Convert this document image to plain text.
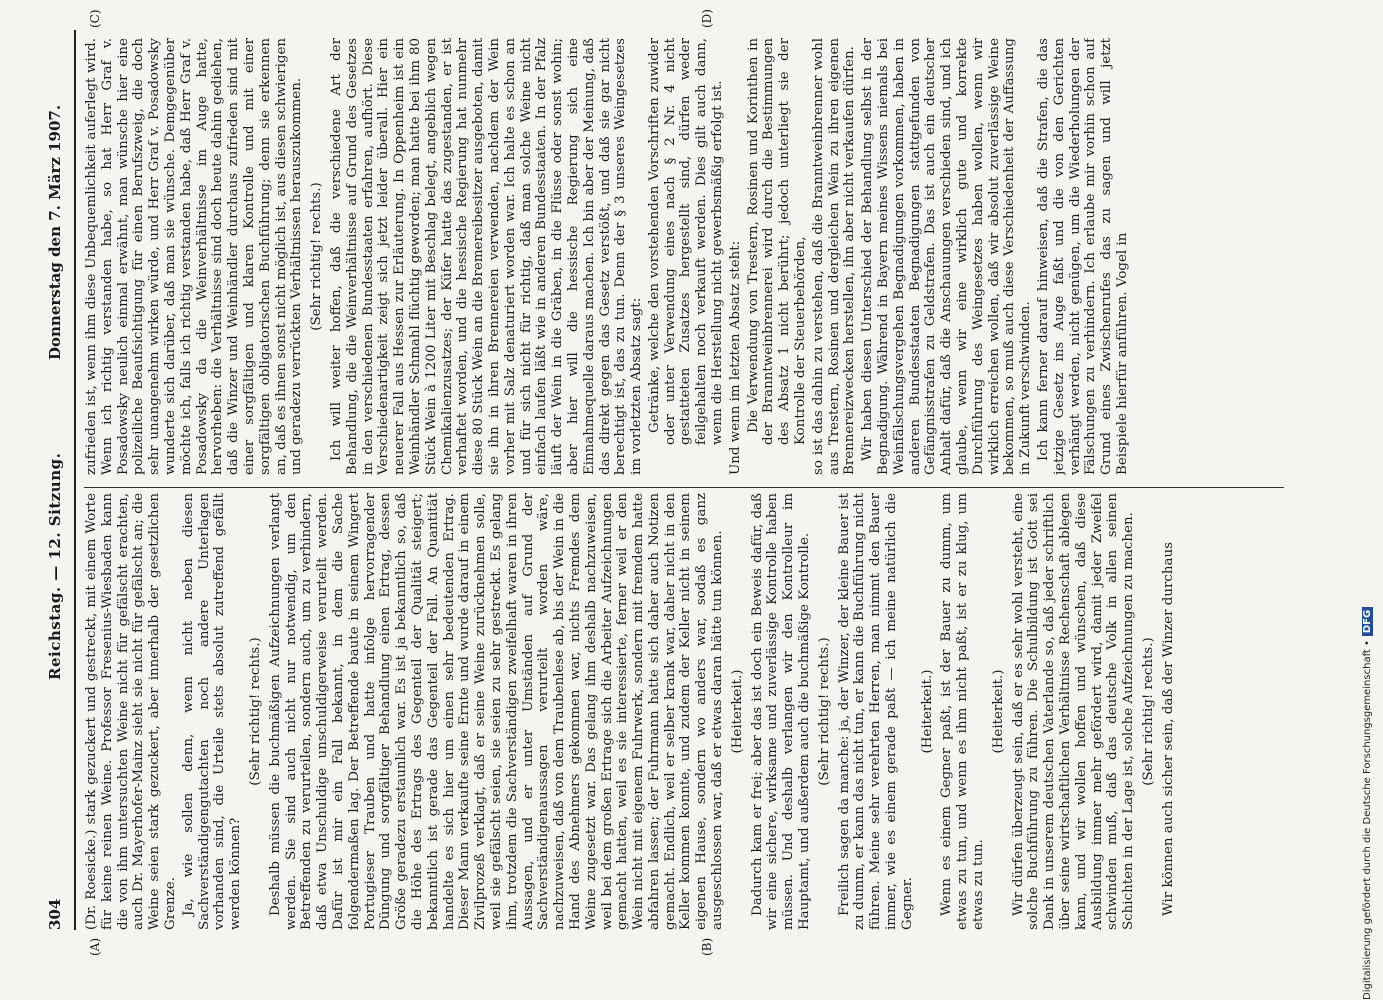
304
Reichstag. — 12. Sitzung.
Donnerstag den 7. März 1907.
(A)	(B)
(C)	(D)

(Dr. Roesicke.) stark gezuckert und gestreckt, mit einem Worte für keine reinen Weine. Professor Fresenius-Wiesbaden kann die von ihm untersuchten Weine nicht für gefälscht erachten, auch Dr. Mayerhofer-Mainz sieht sie nicht für gefälscht an; die Weine seien stark gezuckert, aber innerhalb der gesetzlichen Grenze. Ja, wie sollen denn, wenn nicht neben diesen Sachverständigengutachten noch andere Unterlagen vorhanden sind, die Urteile stets absolut zutreffend gefällt werden können?

(Sehr richtig! rechts.) Deshalb müssen die buchmäßigen Aufzeichnungen verlangt werden. Sie sind auch nicht nur notwendig, um den Betreffenden zu verurteilen, sondern auch, um zu verhindern, daß etwa Unschuldige unschuldigerweise verurteilt werden. Dafür ist mir ein Fall bekannt, in dem die Sache folgendermaßen lag. Der Betreffende baute in seinem Wingert Portugieser Trauben und hatte infolge hervorragender Düngung und sorgfältiger Behandlung einen Ertrag, dessen Größe geradezu erstaunlich war. Es ist ja bekanntlich so, daß die Höhe des Ertrags des Gegenteil der Qualität steigert; bekanntlich ist gerade das Gegenteil der Fall. An Quantität handelte es sich hier um einen sehr bedeutenden Ertrag. Dieser Mann verkaufte seine Ernte und wurde darauf in einem Zivilprozeß verklagt, daß er seine Weine zurücknehmen solle, weil sie gefälscht seien, sie seien zu sehr gestreckt. Es gelang ihm, trotzdem die Sachverständigen zweifelhaft waren in ihren Aussagen, und er unter Umständen auf Grund der Sachverständigenaussagen verurteilt worden wäre, nachzuweisen, daß von dem Traubenlese ab, bis der Wein in die Hand des Abnehmers gekommen war, nichts Fremdes dem Weine zugesetzt war. Das gelang ihm deshalb nachzuweisen, weil bei dem großen Ertrage sich die Arbeiter Aufzeichnungen gemacht hatten, weil es sie interessierte, ferner weil er den Wein nicht mit eigenem Fuhrwerk, sondern mit fremdem hatte abfahren lassen; der Fuhrmann hatte sich daher auch Notizen gemacht. Endlich, weil er selber krank war, daher nicht in den Keller kommen konnte, und zudem der Keller nicht in seinem eigenen Hause, sondern wo anders war, sodaß es ganz ausgeschlossen war, daß er etwas daran hätte tun können. (Heiterkeit.) Dadurch kam er frei; aber das ist doch ein Beweis dafür, daß wir eine sichere, wirksame und zuverlässige Kontrolle haben müssen. Und deshalb verlangen wir den Kontrolleur im Hauptamt, und außerdem auch die buchmäßige Kontrolle. (Sehr richtig! rechts.) Freilich sagen da manche: ja, der Winzer, der kleine Bauer ist zu dumm, er kann das nicht tun, er kann die Buchführung nicht führen. Meine sehr verehrten Herren, man nimmt den Bauer immer, wie es einem gerade paßt — ich meine natürlich die Gegner.

(Heiterkeit.) Wenn es einem Gegner paßt, ist der Bauer zu dumm, um etwas zu tun, und wenn es ihm nicht paßt, ist er zu klug, um etwas zu tun.

(Heiterkeit.) Wir dürfen überzeugt sein, daß er es sehr wohl versteht, eine solche Buchführung zu führen. Die Schulbildung ist Gott sei Dank in unserem deutschen Vaterlande so, daß jeder schriftlich über seine wirtschaftlichen Verhältnisse Rechenschaft ablegen kann, und wir wollen hoffen und wünschen, daß diese Ausbildung immer mehr gefördert wird, damit jeder Zweifel schwinden muß, daß das deutsche Volk in allen seinen Schichten in der Lage ist, solche Aufzeichnungen zu machen. (Sehr richtig! rechts.) Wir können auch sicher sein, daß der Winzer durchaus

zufrieden ist, wenn ihm diese Unbequemlichkeit auferlegt wird. Wenn ich richtig verstanden habe, so hat Herr Graf v. Posadowsky neulich einmal erwähnt, man wünsche hier eine polizeiliche Beaufsichtigung für einen Berufszweig, die doch sehr unangenehm wirken würde, und Herr Graf v. Posadowsky wunderte sich darüber, daß man sie wünsche. Demgegenüber möchte ich, falls ich richtig verstanden habe, daß Herr Graf v. Posadowsky da die Weinverhältnisse im Auge hatte, hervorheben: die Verhältnisse sind doch heute dahin gediehen, daß die Winzer und Weinhändler durchaus zufrieden sind mit einer sorgfältigen und klaren Kontrolle und mit einer sorgfältigen obligatorischen Buchführung; denn sie erkennen an, daß es ihnen sonst nicht möglich ist, aus diesen schwierigen und geradezu verrückten Verhältnissen herauszukommen. (Sehr richtig! rechts.) Ich will weiter hoffen, daß die verschiedene Art der Behandlung, die die Weinverhältnisse auf Grund des Gesetzes in den verschiedenen Bundesstaaten erfahren, aufhört. Diese Verschiedenartigkeit zeigt sich jetzt leider überall. Hier ein neuerer Fall aus Hessen zur Erläuterung. In Oppenheim ist ein Weinhändler Schmahl flüchtig geworden; man hatte bei ihm 80 Stück Wein à 1200 Liter mit Beschlag belegt, angeblich wegen Chemikalienzusatzes; der Küfer hatte das zugestanden, er ist verhaftet worden, und die hessische Regierung hat nunmehr diese 80 Stück Wein an die Bremereibesitzer ausgeboten, damit sie ihn in ihren Brennereien verwenden, nachdem der Wein vorher mit Salz denaturiert worden war. Ich halte es schon an und für sich nicht für richtig, daß man solche Weine nicht einfach laufen läßt wie in anderen Bundesstaaten. In der Pfalz läuft der Wein in die Gräben, in die Flüsse oder sonst wohin; aber hier will die hessische Regierung sich eine Einnahmequelle daraus machen. Ich bin aber der Meinung, daß das direkt gegen das Gesetz verstößt, und daß sie gar nicht berechtigt ist, das zu tun. Denn der § 3 unseres Weingesetzes im vorletzten Absatz sagt: Getränke, welche den vorstehenden Vorschriften zuwider oder unter Verwendung eines nach § 2 Nr. 4 nicht gestatteten Zusatzes hergestellt sind, dürfen weder feilgehalten noch verkauft werden. Dies gilt auch dann, wenn die Herstellung nicht gewerbsmäßig erfolgt ist. Und wenn im letzten Absatz steht: Die Verwendung von Trestern, Rosinen und Korinthen in der Branntweinbrennerei wird durch die Bestimmungen des Absatz 1 nicht berührt; jedoch unterliegt sie der Kontrolle der Steuerbehörden, so ist das dahin zu verstehen, daß die Branntweinbrenner wohl aus Trestern, Rosinen und dergleichen Wein zu ihren eigenen Brennereizwecken herstellen, ihn aber nicht verkaufen dürfen. Wir haben diesen Unterschied der Behandlung selbst in der Begnadigung. Während in Bayern meines Wissens niemals bei Weinfälschungsvergehen Begnadigungen vorkommen, haben in anderen Bundesstaaten Begnadigungen stattgefunden von Gefängnisstrafen zu Geldstrafen. Das ist auch ein deutscher Anhalt dafür, daß die Anschauungen verschieden sind, und ich glaube, wenn wir eine wirklich gute und korrekte Durchführung des Weingesetzes haben wollen, wenn wir wirklich erreichen wollen, daß wir absolut zuverlässige Weine bekommen, so muß auch diese Verschiedenheit der Auffassung in Zukunft verschwinden. Ich kann ferner darauf hinweisen, daß die Strafen, die das jetzige Gesetz ins Auge faßt und die von den Gerichten verhängt werden, nicht genügen, um die Wiederholungen der Fälschungen zu verhindern. Ich erlaube mir vorhin schon auf Grund eines Zwischenrufes das zu sagen und will jetzt Beispiele hierfür anführen. Vogel in

Digitalisierung gefördert durch die Deutsche Forschungsgemeinschaft •DFG
